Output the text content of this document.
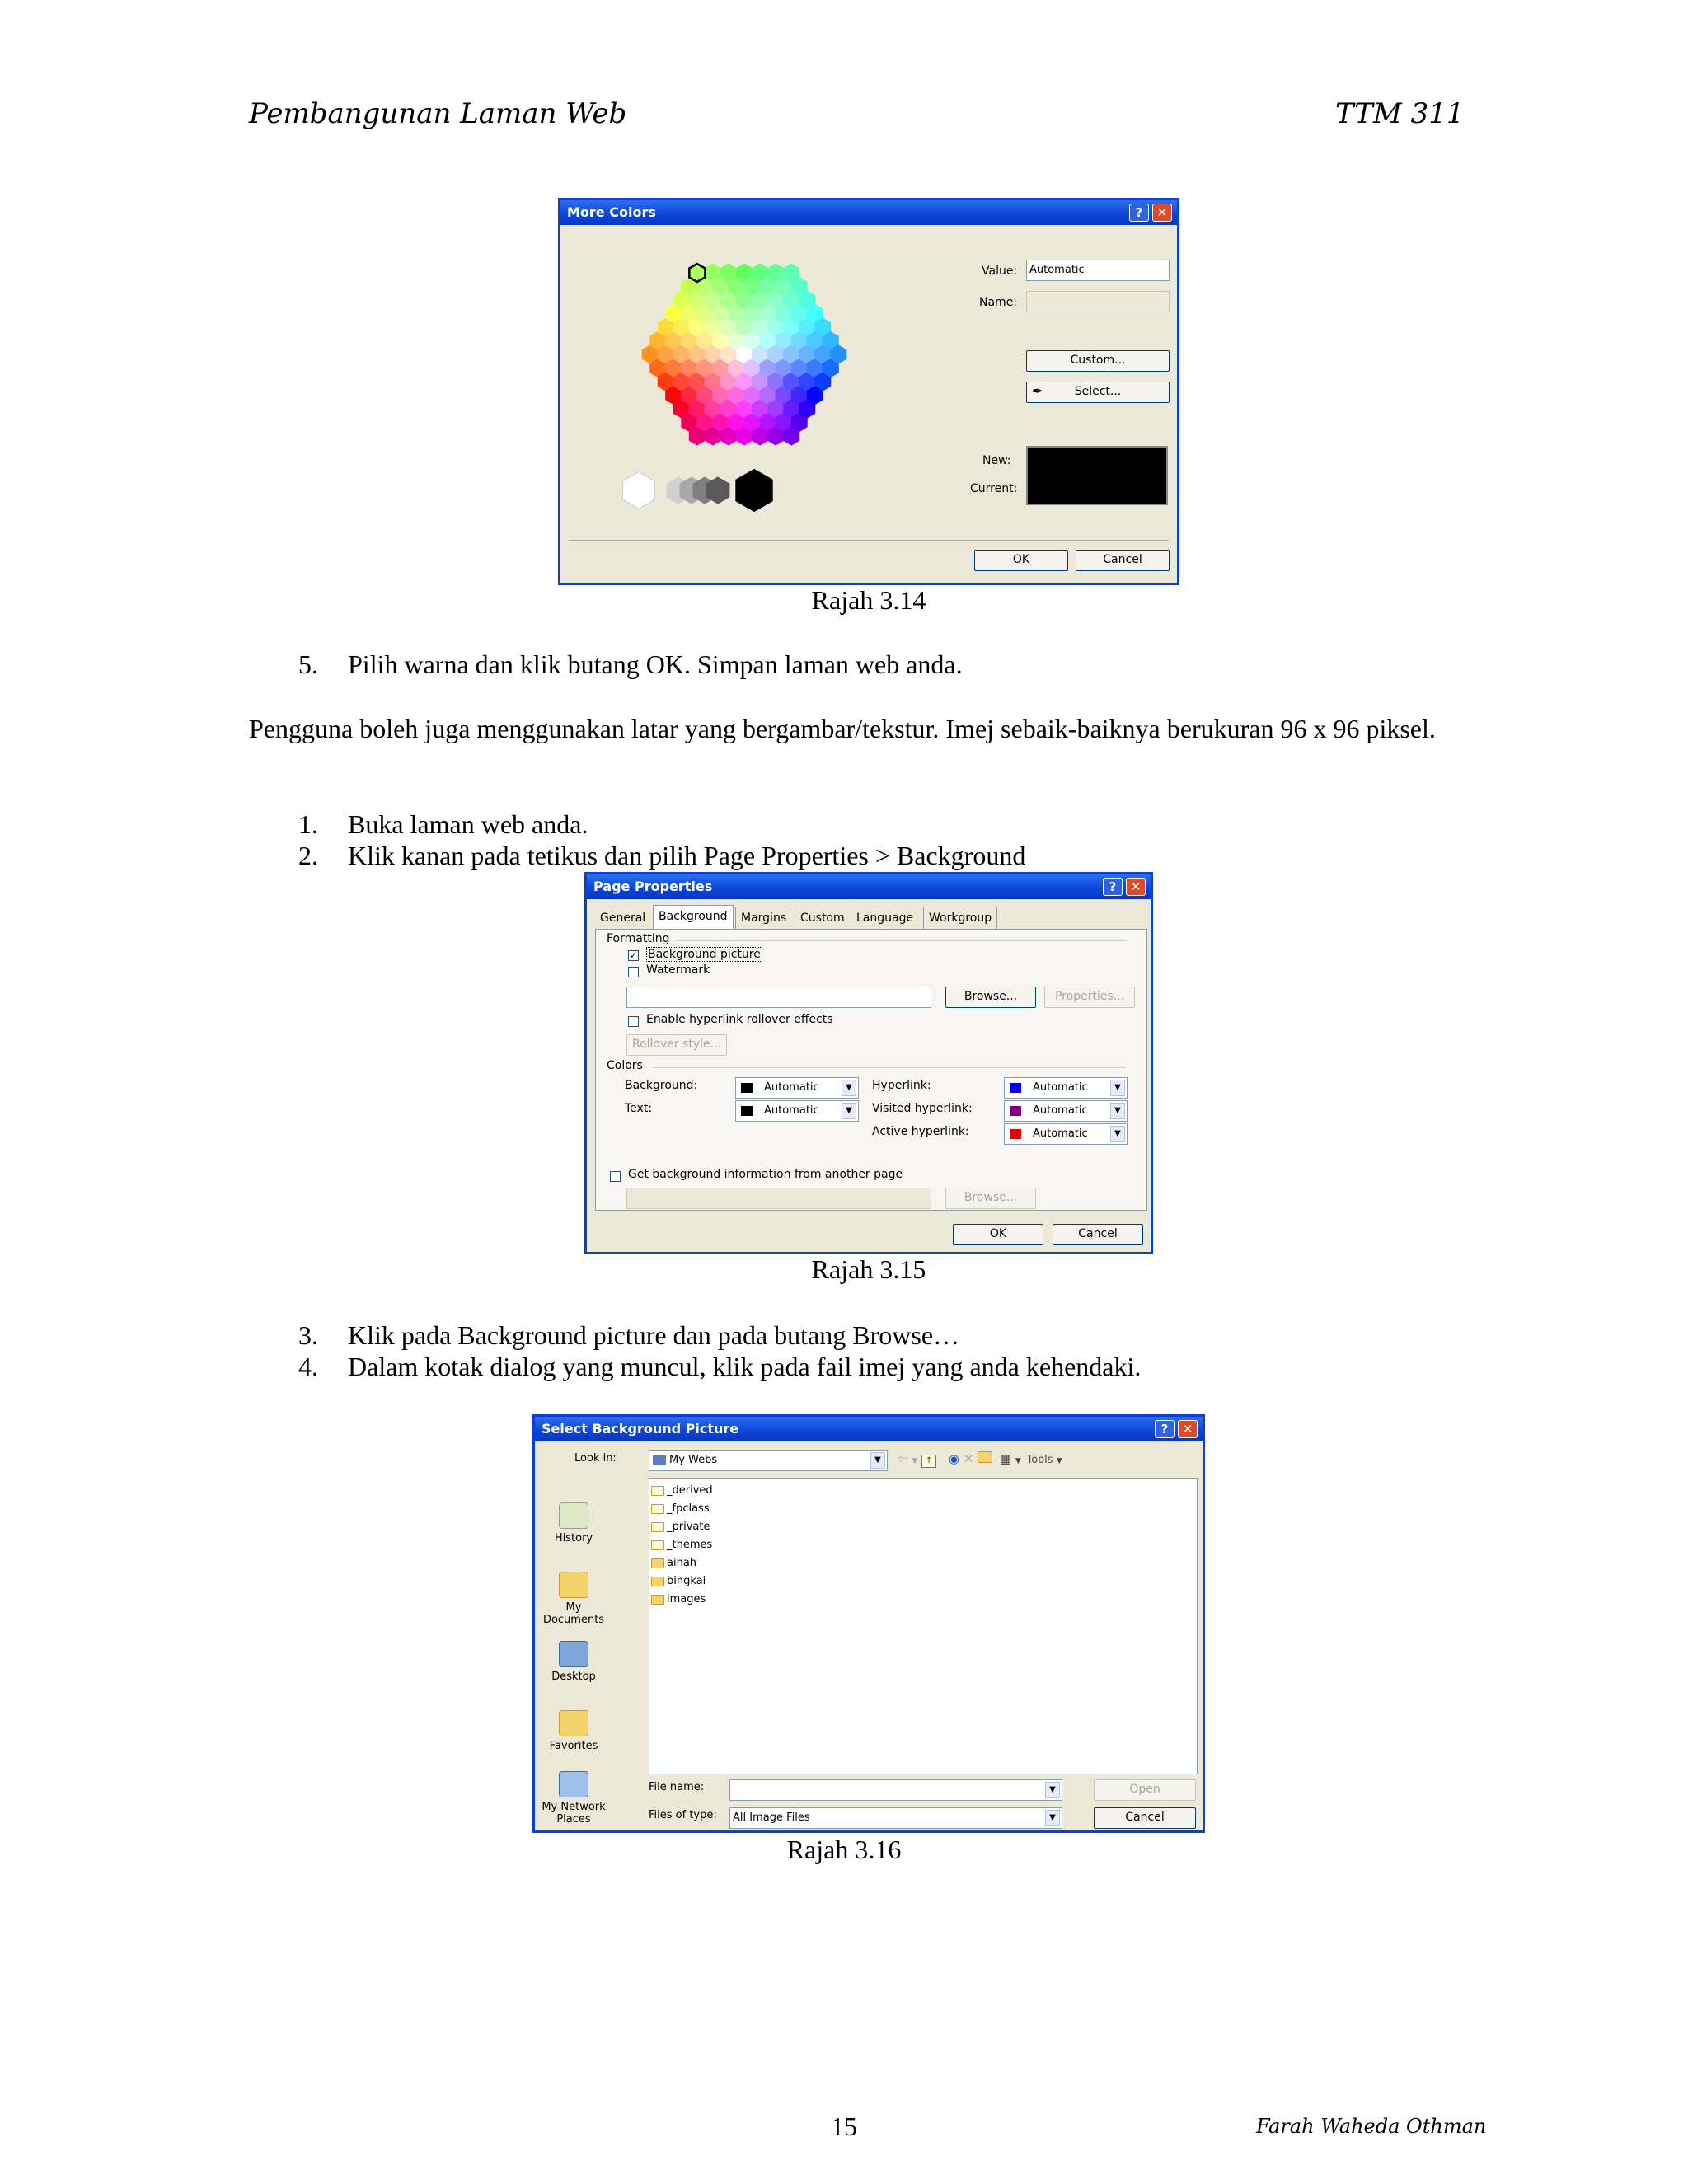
Pembangunan Laman Web	TTM 311
More Colors	?	✕
Value:	Automatic
Name:
Custom...
✒	Select...
New:
Current:
OK	Cancel
Rajah 3.14
5. Pilih warna dan klik butang OK. Simpan laman web anda.
Pengguna boleh juga menggunakan latar yang bergambar/tekstur. Imej sebaik-baiknya berukuran 96 x 96 piksel.
1. Buka laman web anda.
2. Klik kanan pada tetikus dan pilih Page Properties > Background
Page Properties	?	✕
General	Background	Margins	Custom	Language	Workgroup
Formatting
✓ Background picture
Watermark
Browse...	Properties...
Enable hyperlink rollover effects
Rollover style...
Colors
Background:	Automatic	▼
Text:	Automatic	▼
Hyperlink:	Automatic	▼
Visited hyperlink:	Automatic	▼
Active hyperlink:	Automatic	▼
Get background information from another page
Browse...
OK	Cancel
Rajah 3.15
3. Klik pada Background picture dan pada butang Browse…
4. Dalam kotak dialog yang muncul, klik pada fail imej yang anda kehendaki.
Select Background Picture	?	✕
Look in:	My Webs	▼	⇦ ▼ ↑ ◉ ✕ ▦ ▼ Tools ▼
History
My Documents
Desktop
Favorites
My Network Places
_derived
_fpclass
_private
_themes
ainah
bingkai
images
File name:	▼
Files of type:	All Image Files	▼
Open
Cancel
Rajah 3.16
15	Farah Waheda Othman
